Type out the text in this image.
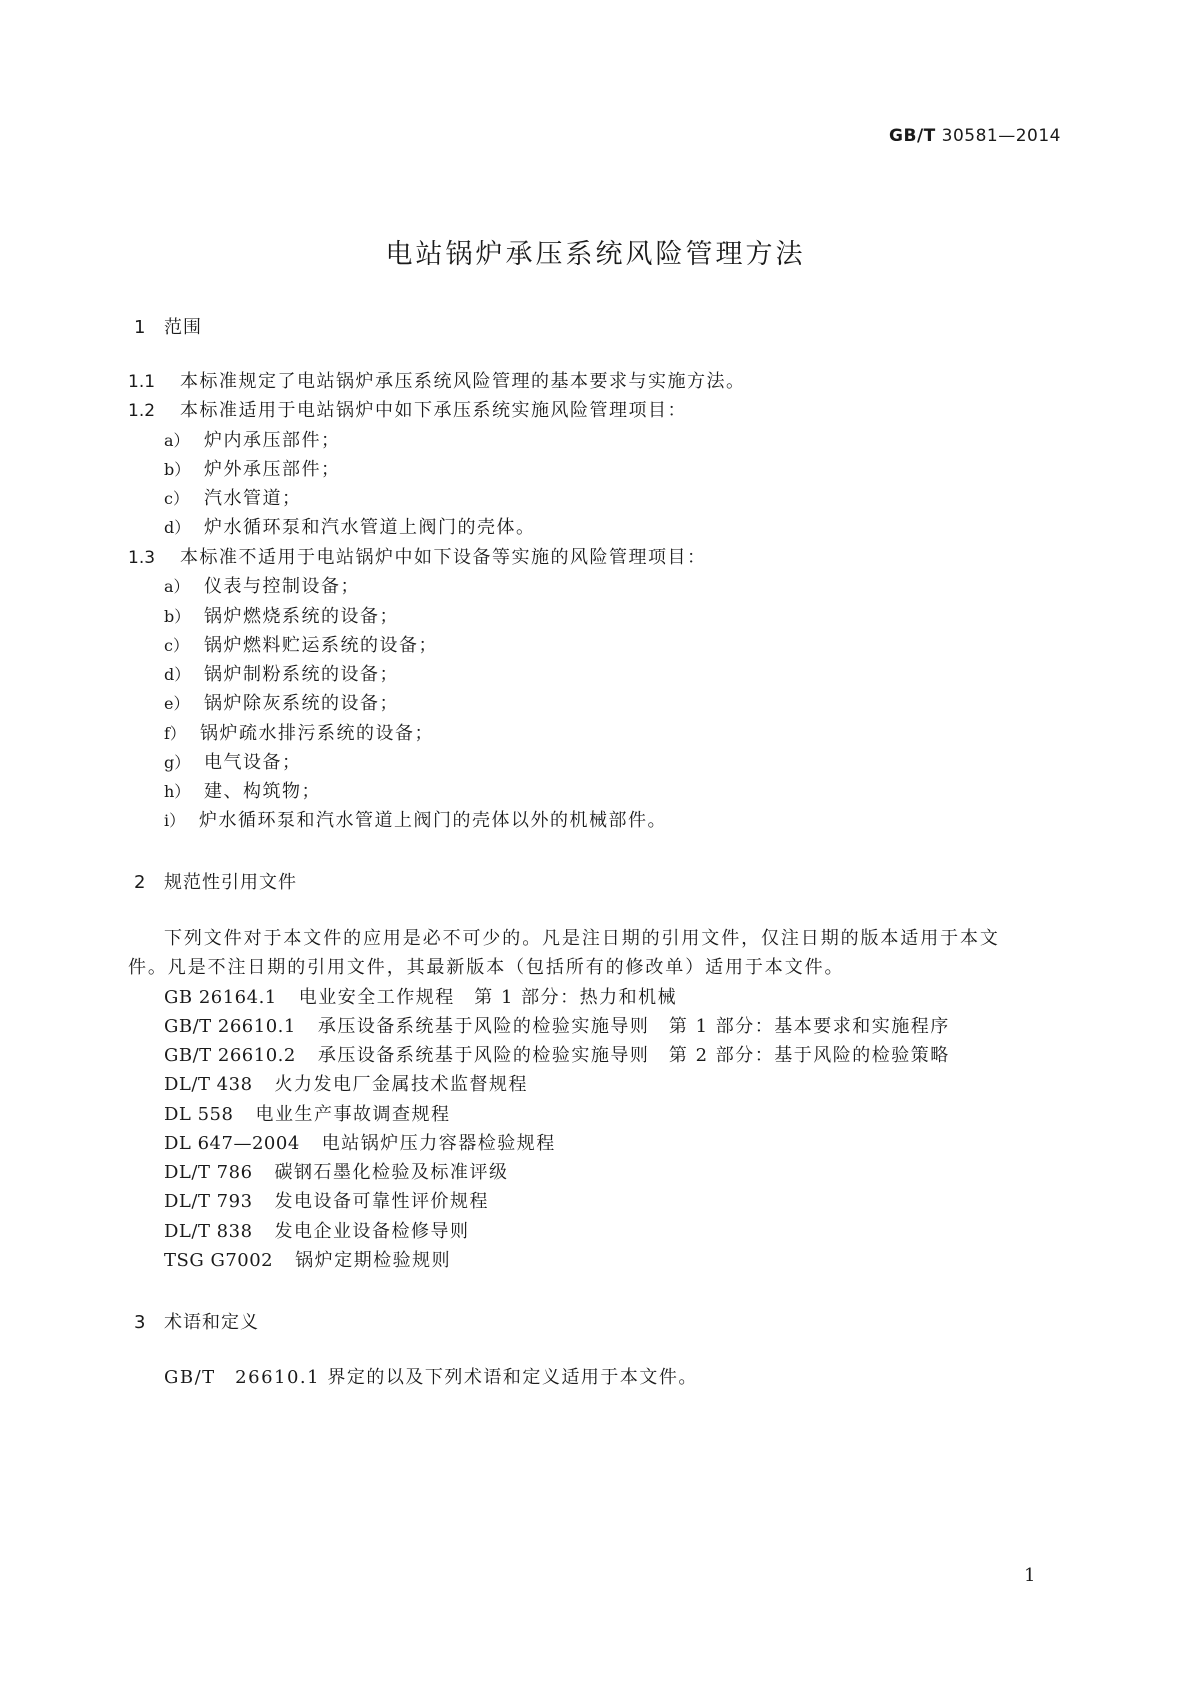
GB/T 30581—2014
电站锅炉承压系统风险管理方法
1 范围
1.1 本标准规定了电站锅炉承压系统风险管理的基本要求与实施方法。
1.2 本标准适用于电站锅炉中如下承压系统实施风险管理项目：
a） 炉内承压部件；
b） 炉外承压部件；
c） 汽水管道；
d） 炉水循环泵和汽水管道上阀门的壳体。
1.3 本标准不适用于电站锅炉中如下设备等实施的风险管理项目：
a） 仪表与控制设备；
b） 锅炉燃烧系统的设备；
c） 锅炉燃料贮运系统的设备；
d） 锅炉制粉系统的设备；
e） 锅炉除灰系统的设备；
f） 锅炉疏水排污系统的设备；
g） 电气设备；
h） 建、构筑物；
i） 炉水循环泵和汽水管道上阀门的壳体以外的机械部件。
2 规范性引用文件
下列文件对于本文件的应用是必不可少的。凡是注日期的引用文件，仅注日期的版本适用于本文
件。凡是不注日期的引用文件，其最新版本（包括所有的修改单）适用于本文件。
GB 26164.1 电业安全工作规程　第 1 部分：热力和机械
GB/T 26610.1 承压设备系统基于风险的检验实施导则　第 1 部分：基本要求和实施程序
GB/T 26610.2 承压设备系统基于风险的检验实施导则　第 2 部分：基于风险的检验策略
DL/T 438 火力发电厂金属技术监督规程
DL 558 电业生产事故调查规程
DL 647—2004 电站锅炉压力容器检验规程
DL/T 786 碳钢石墨化检验及标准评级
DL/T 793 发电设备可靠性评价规程
DL/T 838 发电企业设备检修导则
TSG G7002 锅炉定期检验规则
3 术语和定义
GB/T　26610.1 界定的以及下列术语和定义适用于本文件。
1
